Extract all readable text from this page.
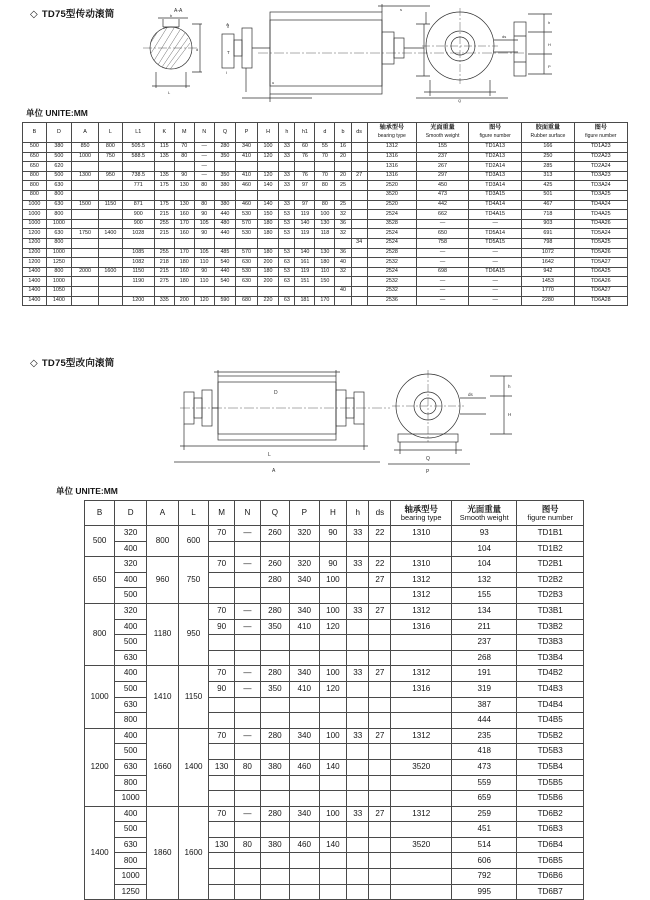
◇ TD75型传动滚筒	A-A
b
d
L
A
T
I
u
s
ds
Q
h
H
P
单位 UNITE:MM
B	D	A	L	L1	K	M	N	Q	P	H	h	h1	d	b	ds	轴承型号
bearing type	光面重量
Smooth weight	图号
figure number	胶面重量
Rubber surface	图号
figure number

500	380	850	800	505.5	115	70	—	280	340	100	33	60	55	16		1312	155	TD1A13	166	TD1A23
650	500	1000	750	588.5	135	80	—	350	410	120	33	76	70	20		1316	237	TD2A13	250	TD2A23
650	620						—									1316	267	TD2A14	285	TD2A24
800	500	1300	950	738.5	135	90	—	350	410	120	33	76	70	20	27	1316	297	TD3A13	313	TD3A23
800	630			771	175	130	80	380	460	140	33	97	80	25		2520	450	TD3A14	425	TD3A24
800	800															3520	473	TD3A15	501	TD3A25
1000	630	1500	1150	871	175	130	80	380	460	140	33	97	80	25		2520	442	TD4A14	467	TD4A24
1000	800			900	215	160	90	440	530	150	53	119	100	32		2524	662	TD4A15	718	TD4A25
1000	1000			900	255	170	105	480	570	180	53	140	130	36		3528	—	—	903	TD4A26
1200	630	1750	1400	1028	215	160	90	440	530	180	53	119	118	32		2524	650	TD5A14	691	TD5A24
1200	800														34	2524	758	TD5A15	798	TD5A25
1200	1000			1085	255	170	105	485	570	180	53	140	130	36		2528	—	—	1072	TD5A26
1200	1250			1082	218	180	110	540	630	200	63	161	180	40		2532	—	—	1642	TD5A27
1400	800	2000	1600	1150	215	160	90	440	530	180	53	119	110	32		2524	698	TD6A15	942	TD6A25
1400	1000			1190	275	180	110	540	630	200	63	151	150			2532	—	—	1453	TD6A26
1400	1050													40		2532	—	—	1770	TD6A27
1400	1400			1200	335	200	120	590	680	220	63	181	170			2536	—	—	2280	TD6A28
◇ TD75型改向滚筒
D
L
A
ds
Q
P
h
H
单位 UNITE:MM
B	D	A	L	M	N	Q	P	H	h	ds	轴承型号
bearing type	光面重量
Smooth weight	图号
figure number

500	320	800	600	70	—	260	320	90	33	22	1310	93	TD1B1
	400											104	TD1B2
650	320	960	750	70	—	260	320	90	33	22	1310	104	TD2B1
	400					280	340	100		27	1312	132	TD2B2
	500										1312	155	TD2B3
800	320	1180	950	70	—	280	340	100	33	27	1312	134	TD3B1
	400			90	—	350	410	120			1316	211	TD3B2
	500											237	TD3B3
	630											268	TD3B4
1000	400	1410	1150	70	—	280	340	100	33	27	1312	191	TD4B2
	500			90	—	350	410	120			1316	319	TD4B3
	630											387	TD4B4
	800											444	TD4B5
1200	400	1660	1400	70	—	280	340	100	33	27	1312	235	TD5B2
	500											418	TD5B3
	630			130	80	380	460	140			3520	473	TD5B4
	800											559	TD5B5
	1000											659	TD5B6
1400	400	1860	1600	70	—	280	340	100	33	27	1312	259	TD6B2
	500											451	TD6B3
	630			130	80	380	460	140			3520	514	TD6B4
	800											606	TD6B5
	1000											792	TD6B6
	1250											995	TD6B7
